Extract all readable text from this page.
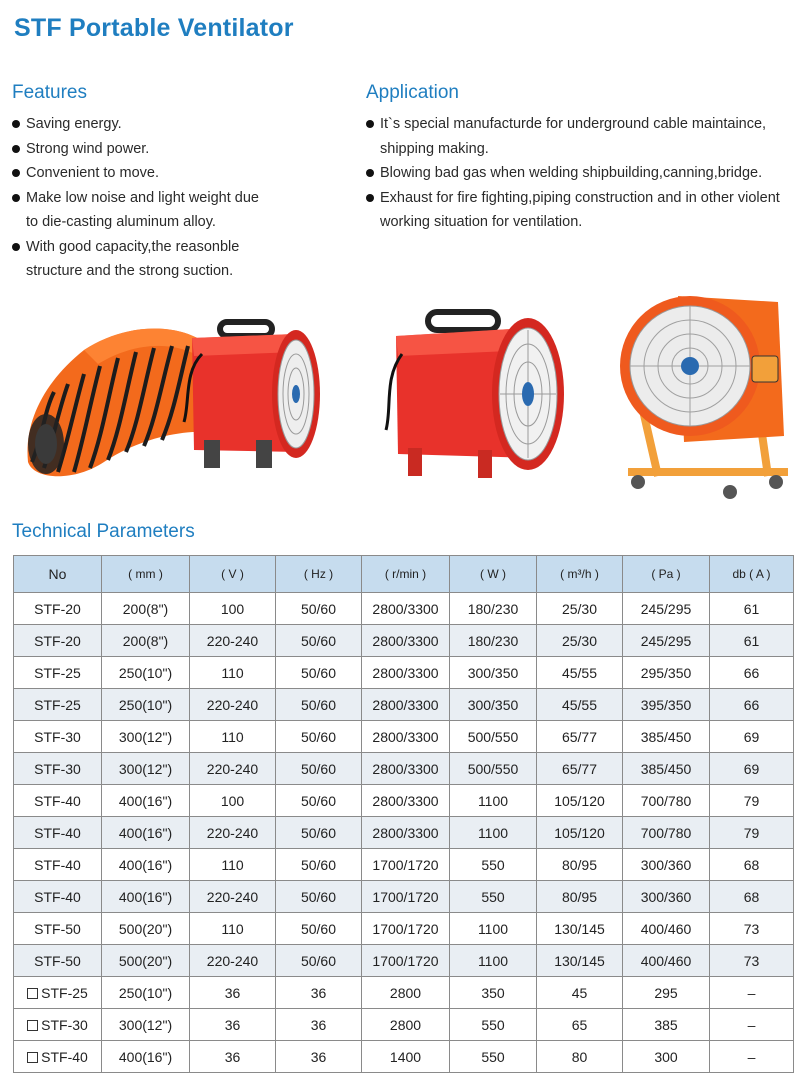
STF Portable Ventilator
Features
Saving energy.
Strong wind power.
Convenient to move.
Make low noise and light weight due
to die-casting aluminum alloy.
With good capacity,the reasonble
structure and the strong suction.
Application
It`s special manufacturde for underground cable maintaince,
shipping making.
Blowing bad gas when welding shipbuilding,canning,bridge.
Exhaust for fire fighting,piping construction and in other violent
working situation for ventilation.
Technical Parameters
No	( mm )	( V )	( Hz )	( r/min )	( W )	( m³/h )	( Pa )	db ( A )
STF-20	200(8")	100	50/60	2800/3300	180/230	25/30	245/295	61
STF-20	200(8")	220-240	50/60	2800/3300	180/230	25/30	245/295	61
STF-25	250(10")	110	50/60	2800/3300	300/350	45/55	295/350	66
STF-25	250(10")	220-240	50/60	2800/3300	300/350	45/55	395/350	66
STF-30	300(12")	110	50/60	2800/3300	500/550	65/77	385/450	69
STF-30	300(12")	220-240	50/60	2800/3300	500/550	65/77	385/450	69
STF-40	400(16")	100	50/60	2800/3300	1100	105/120	700/780	79
STF-40	400(16")	220-240	50/60	2800/3300	1100	105/120	700/780	79
STF-40	400(16")	110	50/60	1700/1720	550	80/95	300/360	68
STF-40	400(16")	220-240	50/60	1700/1720	550	80/95	300/360	68
STF-50	500(20")	110	50/60	1700/1720	1100	130/145	400/460	73
STF-50	500(20")	220-240	50/60	1700/1720	1100	130/145	400/460	73
STF-25	250(10")	36	36	2800	350	45	295	–
STF-30	300(12")	36	36	2800	550	65	385	–
STF-40	400(16")	36	36	1400	550	80	300	–
